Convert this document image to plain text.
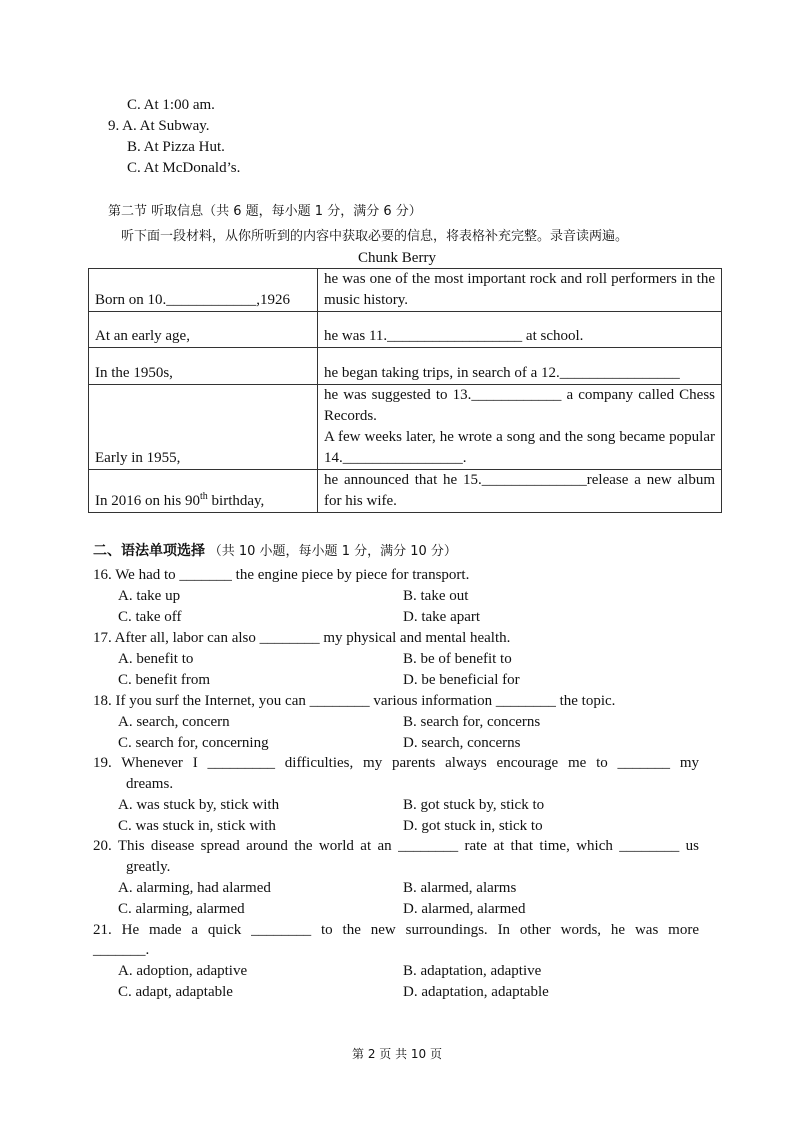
C. At 1:00 am.
9. A. At Subway.
B. At Pizza Hut.
C. At McDonald’s.
第二节 听取信息（共 6 题，每小题 1 分，满分 6 分）
听下面一段材料，从你所听到的内容中获取必要的信息，将表格补充完整。录音读两遍。
Chunk Berry
Born on 10.____________,1926	he was one of the most important rock and roll performers in the music history.
At an early age,	he was 11.__________________ at school.
In the 1950s,	he began taking trips, in search of a 12.________________
Early in 1955,	he was suggested to 13.____________ a company called Chess Records.
A few weeks later, he wrote a song and the song became popular 14.________________.

In 2016 on his 90th birthday,	he announced that he 15.______________release a new album for his wife.
二、语法单项选择 （共 10 小题，每小题 1 分，满分 10 分）
16. We had to _______ the engine piece by piece for transport.
A. take up	B. take out
C. take off	D. take apart
17. After all, labor can also ________ my physical and mental health.
A. benefit to	B. be of benefit to
C. benefit from	D. be beneficial for
18. If you surf the Internet, you can ________ various information ________ the topic.
A. search, concern	B. search for, concerns
C. search for, concerning	D. search, concerns
19. Whenever I _________ difficulties, my parents always encourage me to _______ my
dreams.
A. was stuck by, stick with	B. got stuck by, stick to
C. was stuck in, stick with	D. got stuck in, stick to
20. This disease spread around the world at an ________ rate at that time, which ________ us
greatly.
A. alarming, had alarmed	B. alarmed, alarms
C. alarming, alarmed	D. alarmed, alarmed
21. He made a quick ________ to the new surroundings. In other words, he was more
_______.
A. adoption, adaptive	B. adaptation, adaptive
C. adapt, adaptable	D. adaptation, adaptable
第 2 页 共 10 页
